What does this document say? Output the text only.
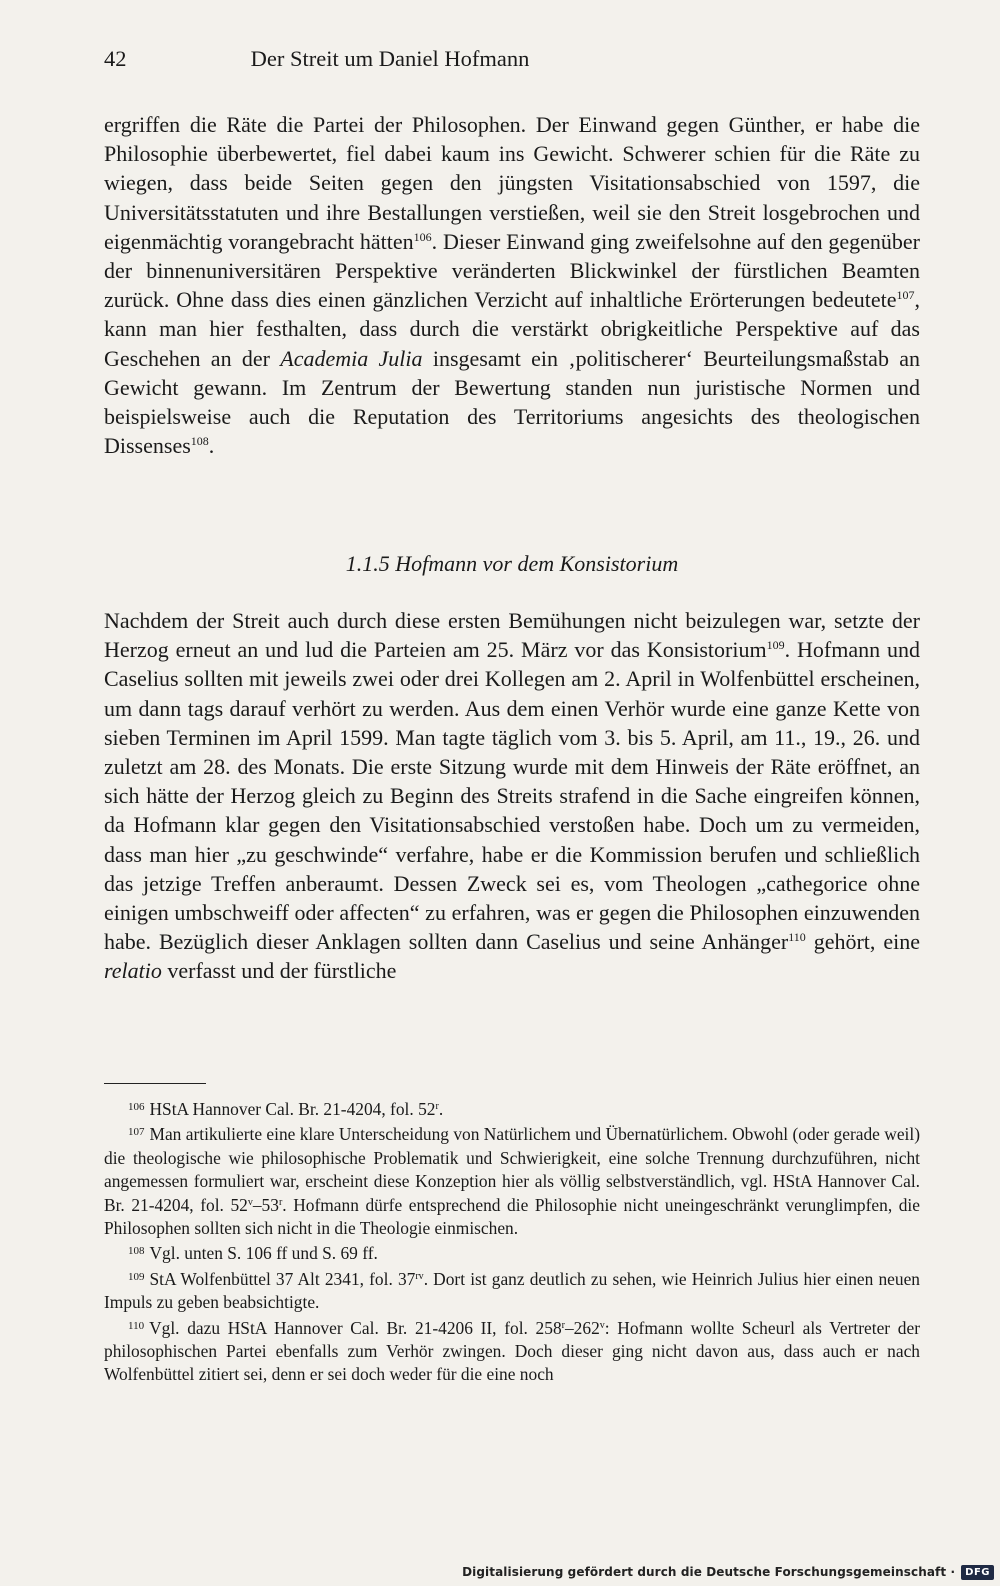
42	Der Streit um Daniel Hofmann

ergriffen die Räte die Partei der Philosophen. Der Einwand gegen Günther, er habe die Philosophie überbewertet, fiel dabei kaum ins Gewicht. Schwerer schien für die Räte zu wiegen, dass beide Seiten gegen den jüngsten Visitationsabschied von 1597, die Universitätsstatuten und ihre Bestallungen verstießen, weil sie den Streit losgebrochen und eigenmächtig vorangebracht hätten$^{106}$. Dieser Einwand ging zweifelsohne auf den gegenüber der binnenuniversitären Perspektive veränderten Blickwinkel der fürstlichen Beamten zurück. Ohne dass dies einen gänzlichen Verzicht auf inhaltliche Erörterungen bedeutete$^{107}$, kann man hier festhalten, dass durch die verstärkt obrigkeitliche Perspektive auf das Geschehen an der Academia Julia insgesamt ein ‚politischerer‘ Beurteilungsmaßstab an Gewicht gewann. Im Zentrum der Bewertung standen nun juristische Normen und beispielsweise auch die Reputation des Territoriums angesichts des theologischen Dissenses$^{108}$.

1.1.5 Hofmann vor dem Konsistorium

Nachdem der Streit auch durch diese ersten Bemühungen nicht beizulegen war, setzte der Herzog erneut an und lud die Parteien am 25. März vor das Konsistorium$^{109}$. Hofmann und Caselius sollten mit jeweils zwei oder drei Kollegen am 2. April in Wolfenbüttel erscheinen, um dann tags darauf verhört zu werden. Aus dem einen Verhör wurde eine ganze Kette von sieben Terminen im April 1599. Man tagte täglich vom 3. bis 5. April, am 11., 19., 26. und zuletzt am 28. des Monats. Die erste Sitzung wurde mit dem Hinweis der Räte eröffnet, an sich hätte der Herzog gleich zu Beginn des Streits strafend in die Sache eingreifen können, da Hofmann klar gegen den Visitationsabschied verstoßen habe. Doch um zu vermeiden, dass man hier „zu geschwinde“ verfahre, habe er die Kommission berufen und schließlich das jetzige Treffen anberaumt. Dessen Zweck sei es, vom Theologen „cathegorice ohne einigen umbschweiff oder affecten“ zu erfahren, was er gegen die Philosophen einzuwenden habe. Bezüglich dieser Anklagen sollten dann Caselius und seine Anhänger$^{110}$ gehört, eine relatio verfasst und der fürstliche

$^{106}$ HStA Hannover Cal. Br. 21-4204, fol. 52$^r$.

$^{107}$ Man artikulierte eine klare Unterscheidung von Natürlichem und Übernatürlichem. Obwohl (oder gerade weil) die theologische wie philosophische Problematik und Schwierigkeit, eine solche Trennung durchzuführen, nicht angemessen formuliert war, erscheint diese Konzeption hier als völlig selbstverständlich, vgl. HStA Hannover Cal. Br. 21-4204, fol. 52$^v$–53$^r$. Hofmann dürfe entsprechend die Philosophie nicht uneingeschränkt verunglimpfen, die Philosophen sollten sich nicht in die Theologie einmischen.

$^{108}$ Vgl. unten S. 106 ff und S. 69 ff.

$^{109}$ StA Wolfenbüttel 37 Alt 2341, fol. $37^{rv}$. Dort ist ganz deutlich zu sehen, wie Heinrich Julius hier einen neuen Impuls zu geben beabsichtigte.

$^{110}$ Vgl. dazu HStA Hannover Cal. Br. 21-4206 II, fol. 258$^r$–262$^v$: Hofmann wollte Scheurl als Vertreter der philosophischen Partei ebenfalls zum Verhör zwingen. Doch dieser ging nicht davon aus, dass auch er nach Wolfenbüttel zitiert sei, denn er sei doch weder für die eine noch

Digitalisierung gefördert durch die Deutsche Forschungsgemeinschaft ·	DFG
